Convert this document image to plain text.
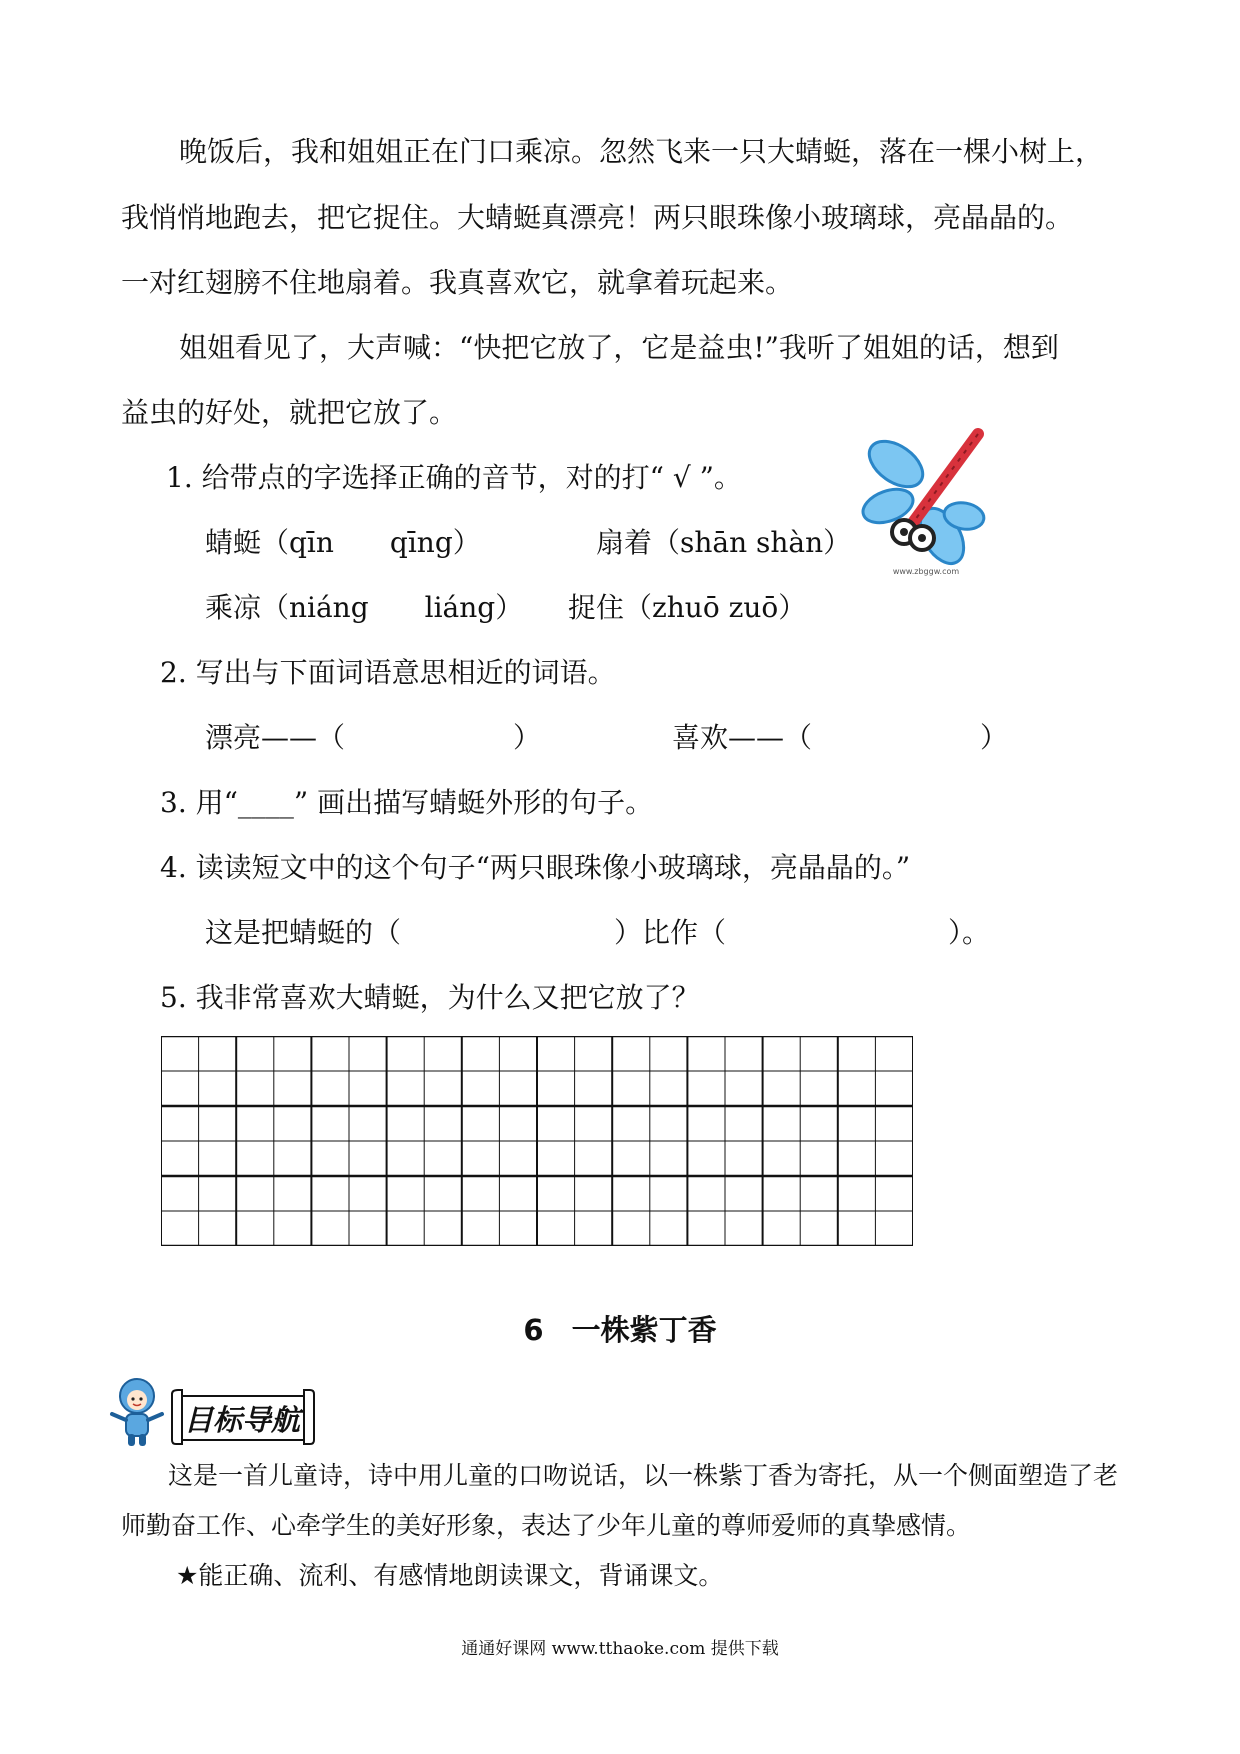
晚饭后，我和姐姐正在门口乘凉。忽然飞来一只大蜻蜓，落在一棵小树上，
我悄悄地跑去，把它捉住。大蜻蜓真漂亮！两只眼珠像小玻璃球，亮晶晶的。
一对红翅膀不住地扇着。我真喜欢它，就拿着玩起来。
姐姐看见了，大声喊：“快把它放了，它是益虫!”我听了姐姐的话，想到
益虫的好处，就把它放了。
1. 给带点的字选择正确的音节，对的打“ √ ”。
蜻蜓（qīn　　qīng）	扇着（shān shàn）
乘凉（niáng　　liáng） 捉住（zhuō zuō）
www.zbggw.com
2. 写出与下面词语意思相近的词语。
漂亮——（　　　　　　）	喜欢——（　　　　　　）
3. 用“____” 画出描写蜻蜓外形的句子。
4. 读读短文中的这个句子“两只眼珠像小玻璃球，亮晶晶的。”
这是把蜻蜓的（	）比作（	）。
5. 我非常喜欢大蜻蜓，为什么又把它放了？
6 一株紫丁香
目标导航
这是一首儿童诗，诗中用儿童的口吻说话，以一株紫丁香为寄托，从一个侧面塑造了老
师勤奋工作、心牵学生的美好形象，表达了少年儿童的尊师爱师的真挚感情。
★能正确、流利、有感情地朗读课文，背诵课文。
通通好课网 www.tthaoke.com 提供下载
